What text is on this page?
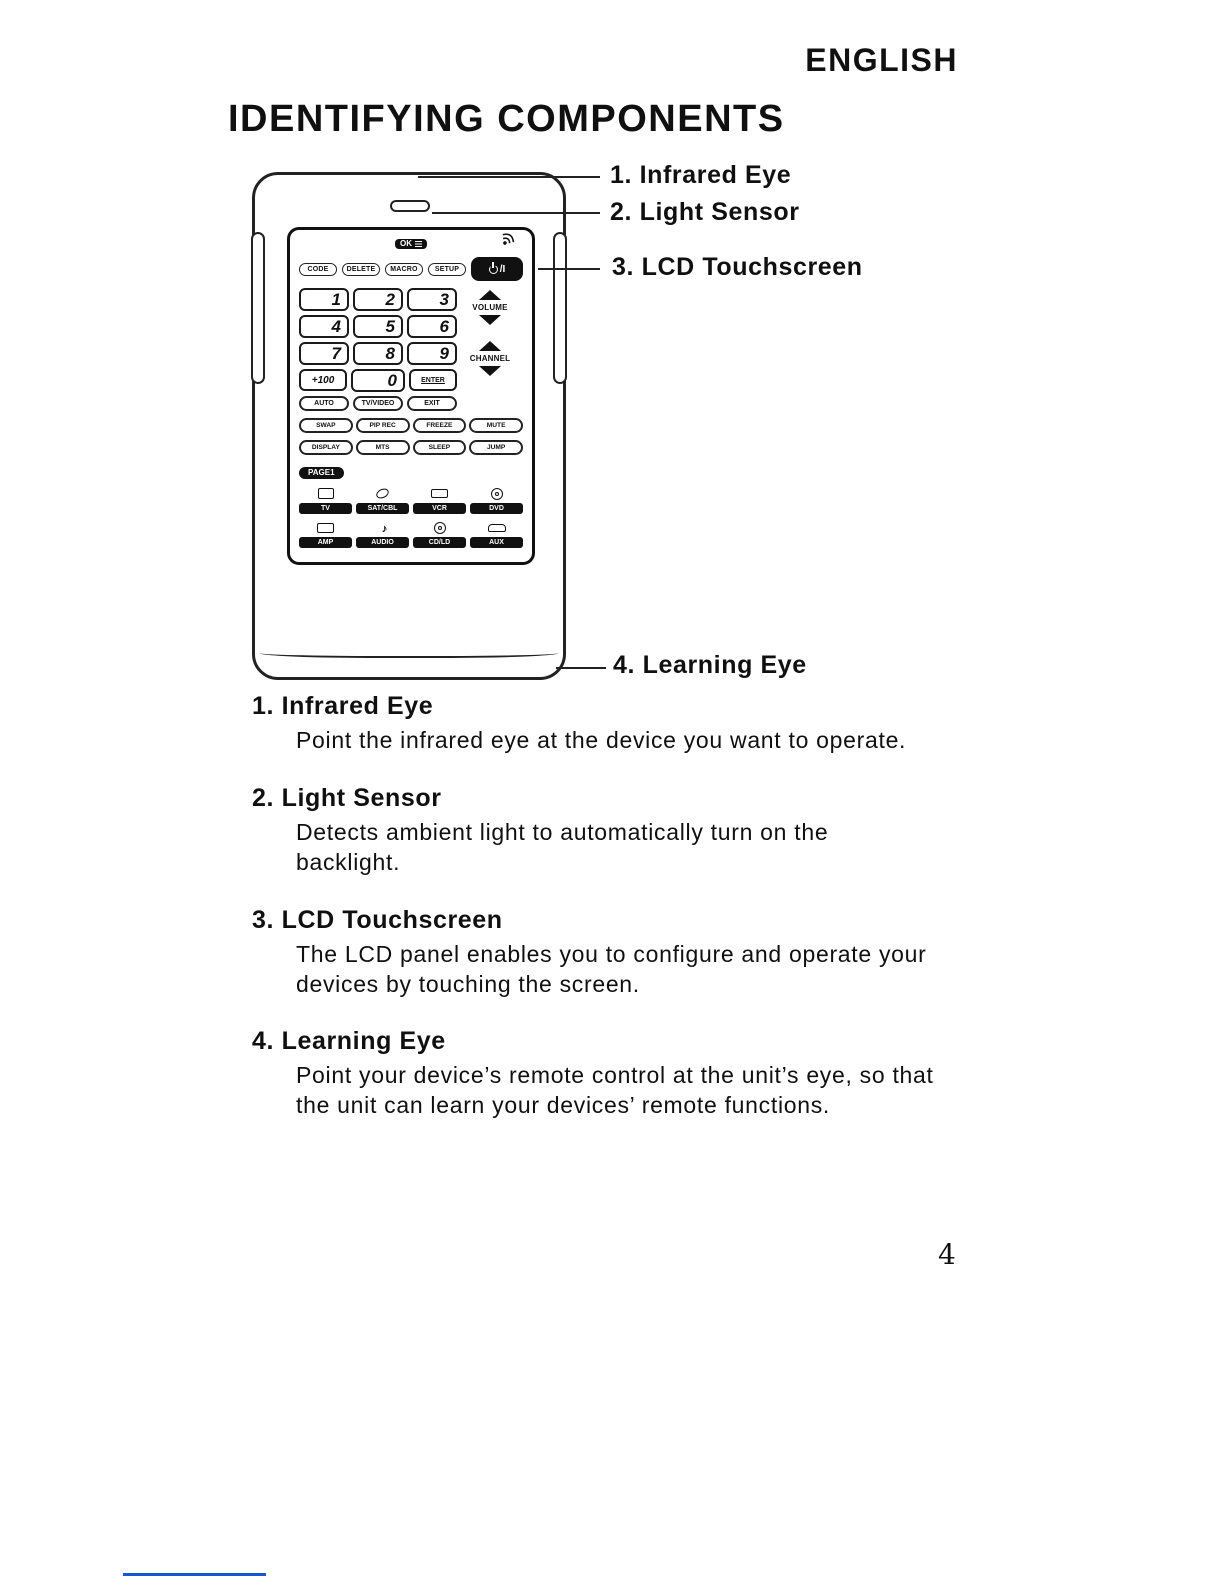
ENGLISH
IDENTIFYING COMPONENTS
OK
CODE	DELETE	MACRO	SETUP	/I
1	2	3
4	5	6
7	8	9
+100	0	ENTER
AUTO	TV/VIDEO	EXIT
VOLUME
CHANNEL
SWAP	PIP REC	FREEZE	MUTE
DISPLAY	MTS	SLEEP	JUMP
PAGE1
TV	SAT/CBL	VCR	DVD
AMP
♪ ♪	AUDIO	CD/LD	AUX
1. Infrared Eye
2. Light Sensor
3. LCD Touchscreen
4. Learning Eye
1. Infrared Eye
Point the infrared eye at the device you want to operate.
2. Light Sensor
Detects ambient light to automatically turn on the backlight.
3. LCD Touchscreen
The LCD panel enables you to configure and operate your devices by touching the screen.
4. Learning Eye
Point your device’s remote control at the unit’s eye, so that the unit can learn your devices’ remote functions.
4
